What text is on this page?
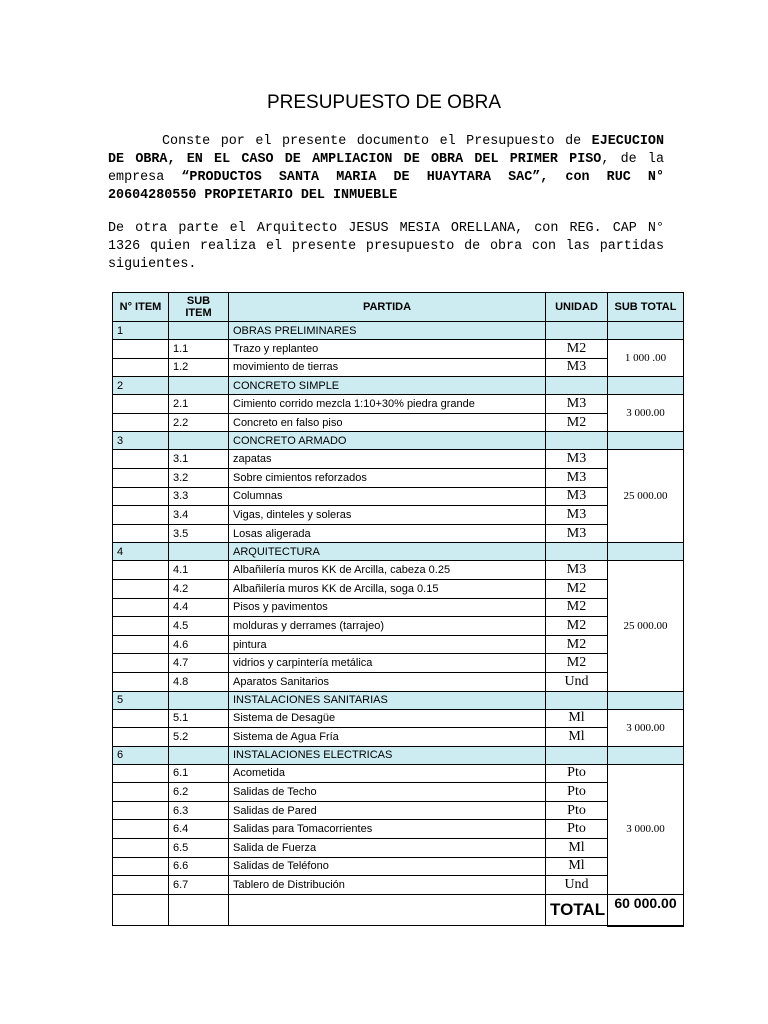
PRESUPUESTO DE OBRA
Conste por el presente documento el Presupuesto de EJECUCION DE OBRA, EN EL CASO DE AMPLIACION DE OBRA DEL PRIMER PISO, de la empresa “PRODUCTOS SANTA MARIA DE HUAYTARA SAC”, con RUC N° 20604280550 PROPIETARIO DEL INMUEBLE
De otra parte el Arquitecto JESUS MESIA ORELLANA, con REG. CAP N° 1326 quien realiza el presente presupuesto de obra con las partidas siguientes.
N° ITEM	SUB ITEM	PARTIDA	UNIDAD	SUB TOTAL
1		OBRAS PRELIMINARES		
	1.1	Trazo y replanteo	M2	1 000 .00
	1.2	movimiento de tierras	M3	
2		CONCRETO SIMPLE		
	2.1	Cimiento corrido mezcla 1:10+30% piedra grande	M3	3 000.00
	2.2	Concreto en falso piso	M2	
3		CONCRETO ARMADO		
	3.1	zapatas	M3	25 000.00
	3.2	Sobre cimientos reforzados	M3	
	3.3	Columnas	M3	
	3.4	Vigas, dinteles y soleras	M3	
	3.5	Losas aligerada	M3	
4		ARQUITECTURA		
	4.1	Albañilería muros KK de Arcilla, cabeza 0.25	M3	25 000.00
	4.2	Albañilería muros KK de Arcilla, soga 0.15	M2	
	4.4	Pisos y pavimentos	M2	
	4.5	molduras y derrames (tarrajeo)	M2	
	4.6	pintura	M2	
	4.7	vidrios y carpintería metálica	M2	
	4.8	Aparatos Sanitarios	Und	
5		INSTALACIONES SANITARIAS		
	5.1	Sistema de Desagüe	Ml	3 000.00
	5.2	Sistema de Agua Fría	Ml	
6		INSTALACIONES ELECTRICAS		
	6.1	Acometida	Pto	3 000.00
	6.2	Salidas de Techo	Pto	
	6.3	Salidas de Pared	Pto	
	6.4	Salidas para Tomacorrientes	Pto	
	6.5	Salida de Fuerza	Ml	
	6.6	Salidas de Teléfono	Ml	
	6.7	Tablero de Distribución	Und	
			TOTAL	60 000.00
